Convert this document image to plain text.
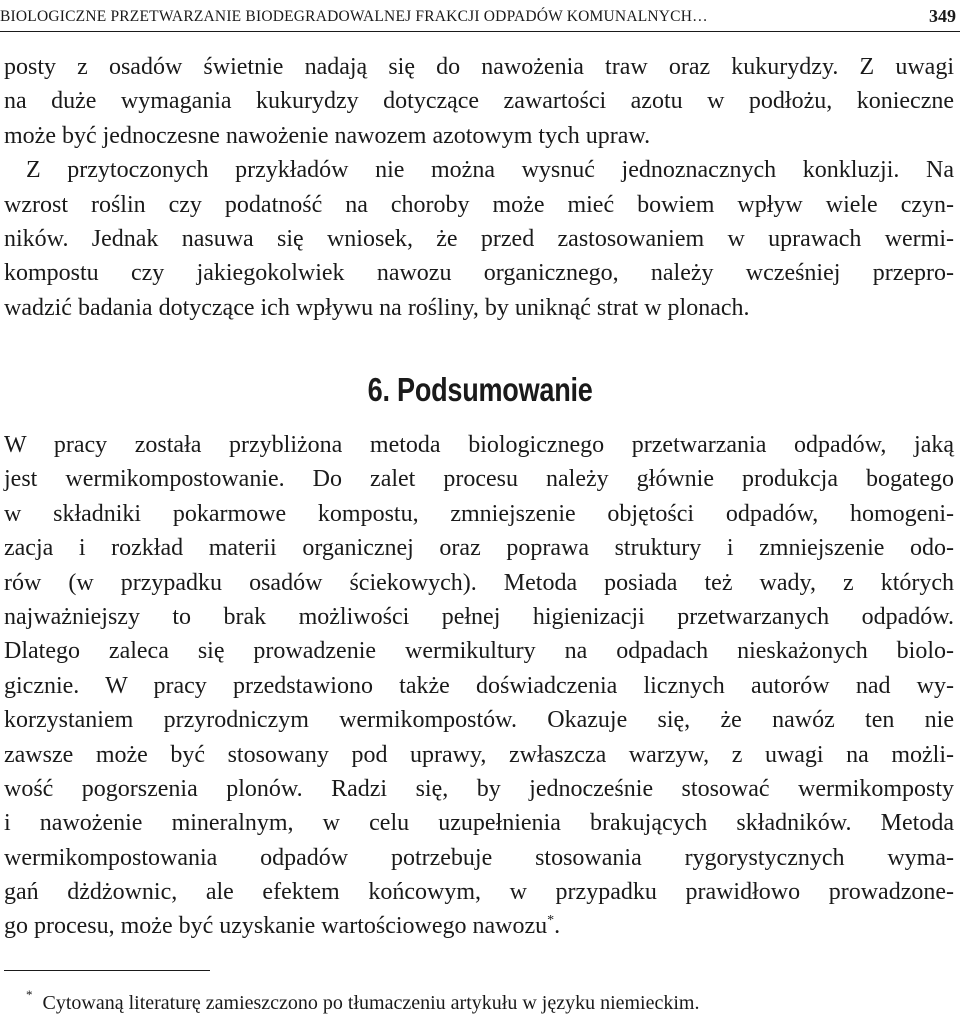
BIOLOGICZNE PRZETWARZANIE BIODEGRADOWALNEJ FRAKCJI ODPADÓW KOMUNALNYCH…	349
posty z osadów świetnie nadają się do nawożenia traw oraz kukurydzy. Z uwagi
na duże wymagania kukurydzy dotyczące zawartości azotu w podłożu, konieczne
może być jednoczesne nawożenie nawozem azotowym tych upraw.
Z przytoczonych przykładów nie można wysnuć jednoznacznych konkluzji. Na
wzrost roślin czy podatność na choroby może mieć bowiem wpływ wiele czyn-
ników. Jednak nasuwa się wniosek, że przed zastosowaniem w uprawach wermi-
kompostu czy jakiegokolwiek nawozu organicznego, należy wcześniej przepro-
wadzić badania dotyczące ich wpływu na rośliny, by uniknąć strat w plonach.
6. Podsumowanie
W pracy została przybliżona metoda biologicznego przetwarzania odpadów, jaką
jest wermikompostowanie. Do zalet procesu należy głównie produkcja bogatego
w składniki pokarmowe kompostu, zmniejszenie objętości odpadów, homogeni-
zacja i rozkład materii organicznej oraz poprawa struktury i zmniejszenie odo-
rów (w przypadku osadów ściekowych). Metoda posiada też wady, z których
najważniejszy to brak możliwości pełnej higienizacji przetwarzanych odpadów.
Dlatego zaleca się prowadzenie wermikultury na odpadach nieskażonych biolo-
gicznie. W pracy przedstawiono także doświadczenia licznych autorów nad wy-
korzystaniem przyrodniczym wermikompostów. Okazuje się, że nawóz ten nie
zawsze może być stosowany pod uprawy, zwłaszcza warzyw, z uwagi na możli-
wość pogorszenia plonów. Radzi się, by jednocześnie stosować wermikomposty
i nawożenie mineralnym, w celu uzupełnienia brakujących składników. Metoda
wermikompostowania odpadów potrzebuje stosowania rygorystycznych wyma-
gań dżdżownic, ale efektem końcowym, w przypadku prawidłowo prowadzone-
go procesu, może być uzyskanie wartościowego nawozu*.
* Cytowaną literaturę zamieszczono po tłumaczeniu artykułu w języku niemieckim.
